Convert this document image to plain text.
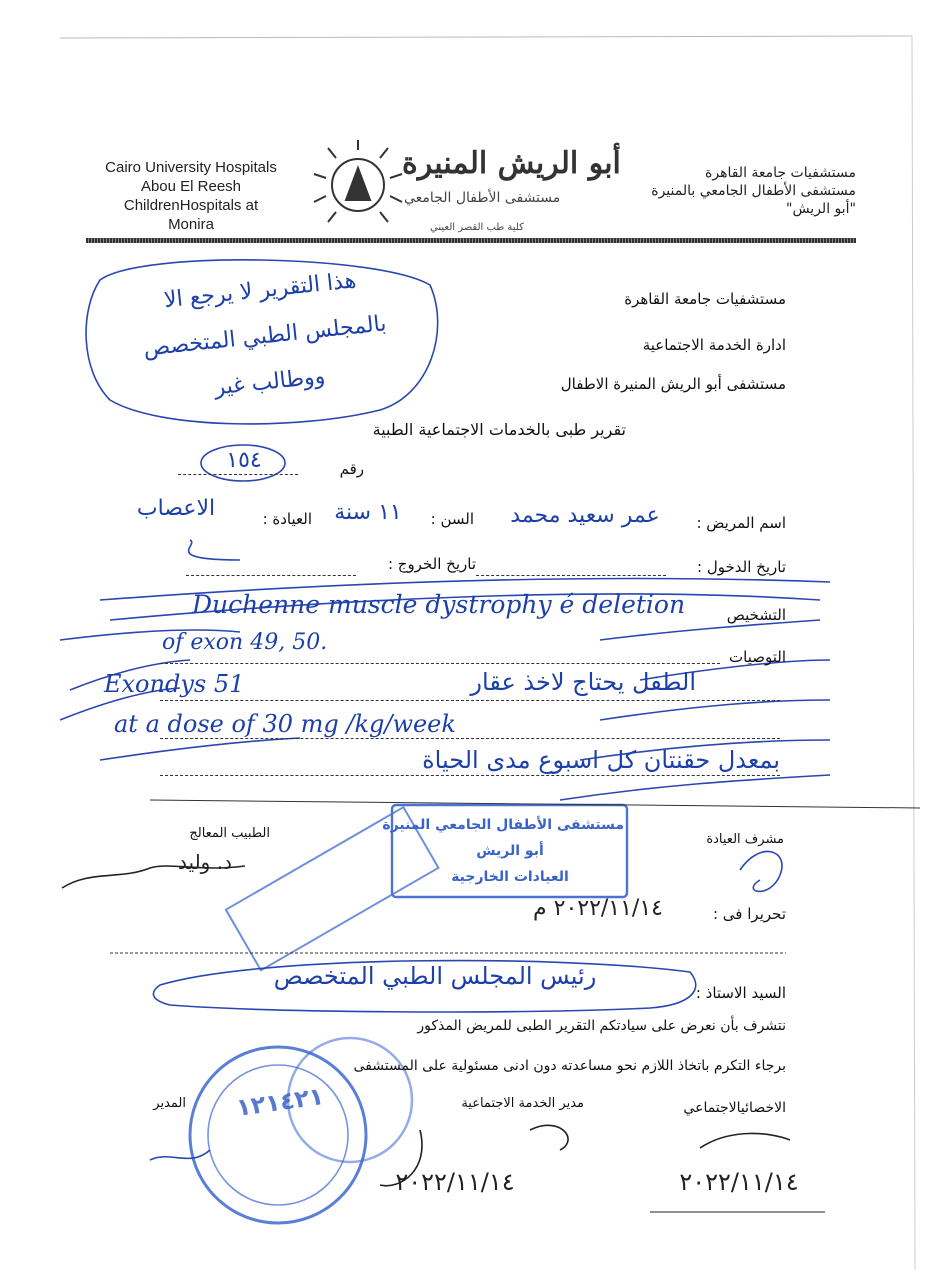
Cairo University Hospitals
Abou El Reesh
ChildrenHospitals at
Monira
أبو الريش المنيرة
مستشفى الأطفال الجامعي
كلية طب القصر العيني
مستشفيات جامعة القاهرة
مستشفى الأطفال الجامعي بالمنيرة
"أبو الريش"
مستشفيات جامعة القاهرة
ادارة الخدمة الاجتماعية
مستشفى أبو الريش المنيرة الاطفال
تقرير طبى بالخدمات الاجتماعية الطبية
هذا التقرير لا يرجع الا
بالمجلس الطبي المتخصص
ووطالب غير
رقم
١٥٤
اسم المريض :
عمر سعيد محمد
السن :
١١ سنة
العيادة :
الاعصاب
تاريخ الدخول :
تاريخ الخروج :
التشخيص
Duchenne muscle dystrophy é deletion
of exon 49, 50.
التوصيات
Exondys 51	الطفل يحتاج لاخذ عقار
at a dose of 30 mg /kg/week
بمعدل حقنتان كل اسبوع مدى الحياة
مستشفى الأطفال الجامعي المنيرة
أبو الريش
العيادات الخارجية
الطبيب المعالج
د. وليد
مشرف العيادة
تحريرا فى :
٢٠٢٢/١١/١٤ م
السيد الاستاذ :
رئيس المجلس الطبي المتخصص
نتشرف بأن نعرض على سيادتكم التقرير الطبى للمريض المذكور
برجاء التكرم باتخاذ اللازم نحو مساعدته دون ادنى مسئولية على المستشفى
الاخصائيالاجتماعي
مدير الخدمة الاجتماعية
المدير
٢٠٢٢/١١/١٤
٢٠٢٢/١١/١٤
١٢١٤٢١
